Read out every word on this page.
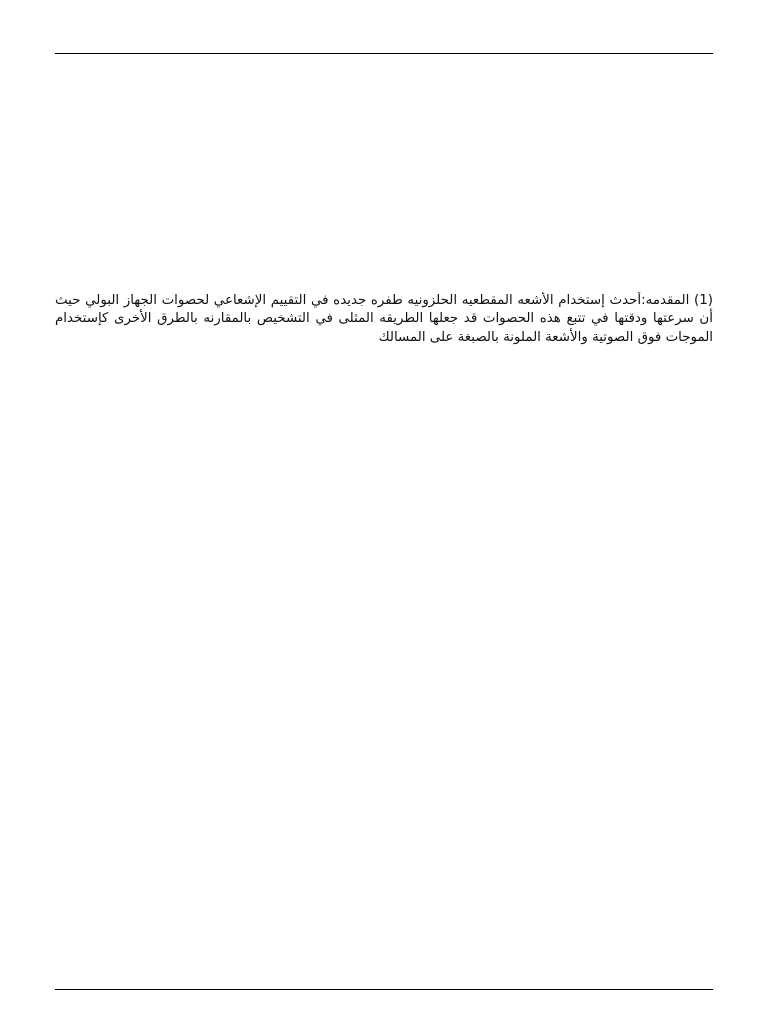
(1) المقدمه:أحدث إستخدام الأشعه المقطعيه الحلزونيه طفره جديده في التقييم الإشعاعي لحصوات الجهاز البولي حيث أن سرعتها ودقتها في تتبع هذه الحصوات قد جعلها الطريقه المثلى في التشخيص بالمقارنه بالطرق الأخرى كإستخدام الموجات فوق الصوتية والأشعة الملونة بالصبغة على المسالك
